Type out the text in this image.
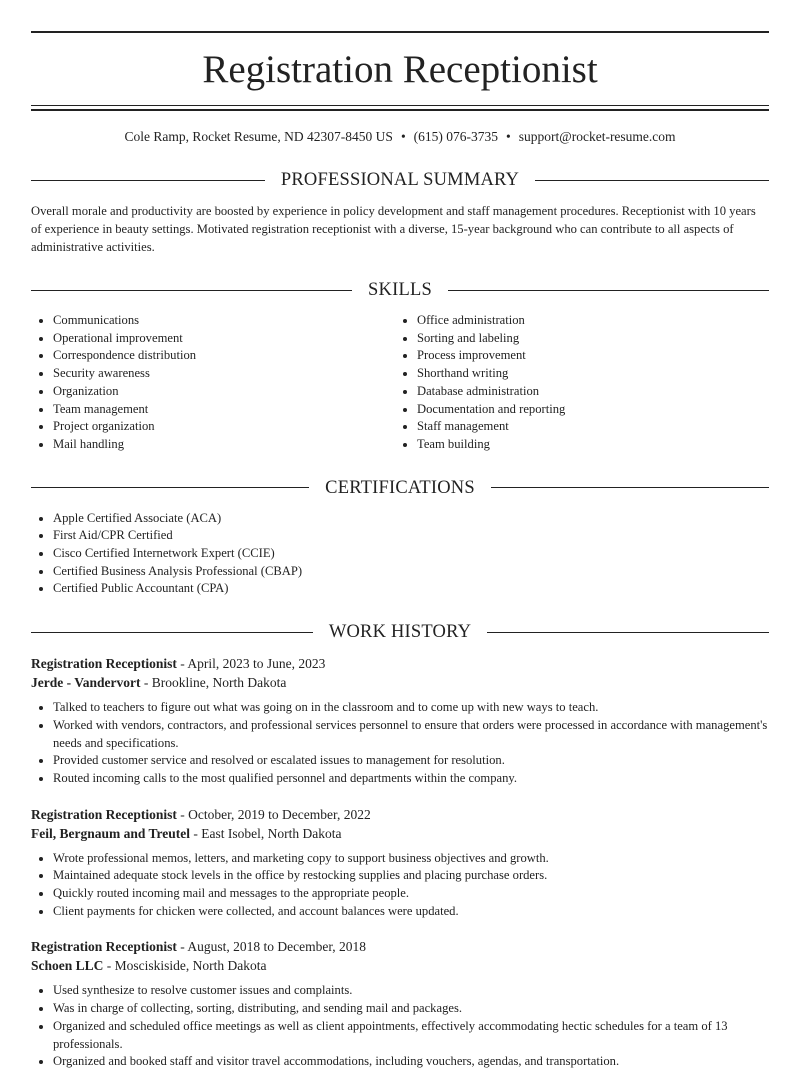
Registration Receptionist
Cole Ramp, Rocket Resume, ND 42307-8450 US • (615) 076-3735 • support@rocket-resume.com
PROFESSIONAL SUMMARY

Overall morale and productivity are boosted by experience in policy development and staff management procedures. Receptionist with 10 years of experience in beauty settings. Motivated registration receptionist with a diverse, 15-year background who can contribute to all aspects of administrative activities.

SKILLS
• Communications
• Operational improvement
• Correspondence distribution
• Security awareness
• Organization
• Team management
• Project organization
• Mail handling
• Office administration
• Sorting and labeling
• Process improvement
• Shorthand writing
• Database administration
• Documentation and reporting
• Staff management
• Team building
CERTIFICATIONS
• Apple Certified Associate (ACA)
• First Aid/CPR Certified
• Cisco Certified Internetwork Expert (CCIE)
• Certified Business Analysis Professional (CBAP)
• Certified Public Accountant (CPA)
WORK HISTORY
Registration Receptionist - April, 2023 to June, 2023
Jerde - Vandervort - Brookline, North Dakota
• Talked to teachers to figure out what was going on in the classroom and to come up with new ways to teach.
• Worked with vendors, contractors, and professional services personnel to ensure that orders were processed in accordance with management's needs and specifications.
• Provided customer service and resolved or escalated issues to management for resolution.
• Routed incoming calls to the most qualified personnel and departments within the company.
Registration Receptionist - October, 2019 to December, 2022
Feil, Bergnaum and Treutel - East Isobel, North Dakota
• Wrote professional memos, letters, and marketing copy to support business objectives and growth.
• Maintained adequate stock levels in the office by restocking supplies and placing purchase orders.
• Quickly routed incoming mail and messages to the appropriate people.
• Client payments for chicken were collected, and account balances were updated.
Registration Receptionist - August, 2018 to December, 2018
Schoen LLC - Mosciskiside, North Dakota
• Used synthesize to resolve customer issues and complaints.
• Was in charge of collecting, sorting, distributing, and sending mail and packages.
• Organized and scheduled office meetings as well as client appointments, effectively accommodating hectic schedules for a team of 13 professionals.
• Organized and booked staff and visitor travel accommodations, including vouchers, agendas, and transportation.
